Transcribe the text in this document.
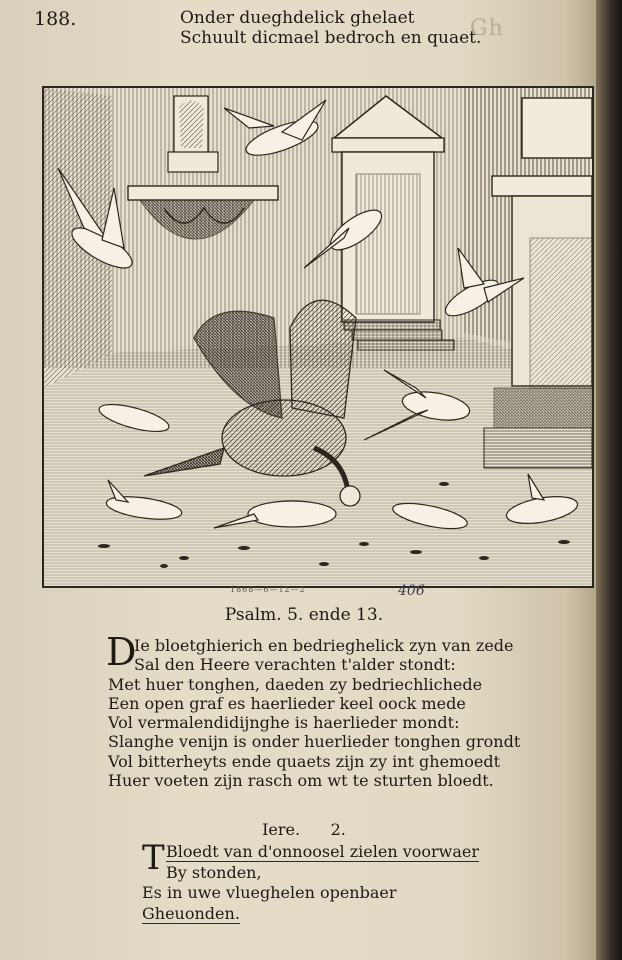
188.	Onder dueghdelick ghelaet
Schuult dicmael bedroch en quaet.
Gh
1868—6—12—2	406
Psalm. 5. ende 13.
D
Ie bloetghierich en bedrieghelick zyn van zede
Sal den Heere verachten t'alder stondt:
Met huer tonghen, daeden zy bedriechlichede
Een open graf es haerlieder keel oock mede
Vol vermalendidijnghe is haerlieder mondt:
Slanghe venijn is onder huerlieder tonghen grondt
Vol bitterheyts ende quaets zijn zy int ghemoedt
Huer voeten zijn rasch om wt te sturten bloedt.
Iere.      2.
T Bloedt van d'onnoosel zielen voorwaer
By stonden,
Es in uwe vlueghelen openbaer
Gheuonden.
